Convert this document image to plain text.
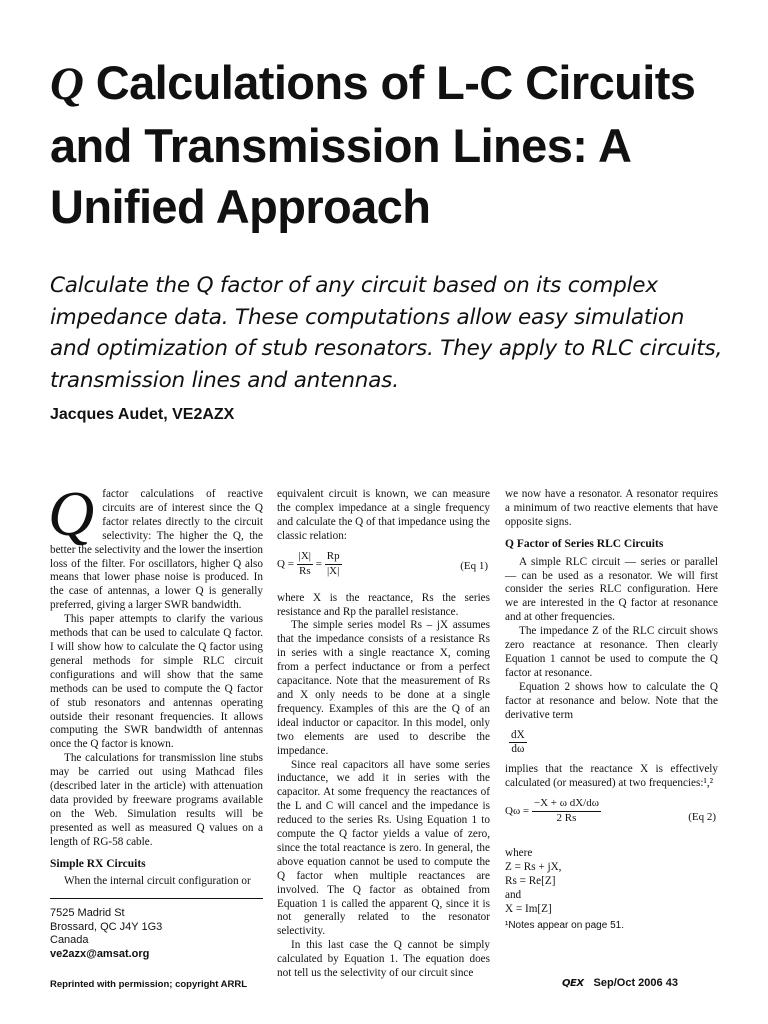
Q Calculations of L-C Circuits and Transmission Lines: A Unified Approach
Calculate the Q factor of any circuit based on its complex impedance data. These computations allow easy simulation and optimization of stub resonators. They apply to RLC circuits, transmission lines and antennas.
Jacques Audet, VE2AZX
Q factor calculations of reactive circuits are of interest since the Q factor relates directly to the circuit selectivity: The higher the Q, the better the selectivity and the lower the insertion loss of the filter. For oscillators, higher Q also means that lower phase noise is produced. In the case of antennas, a lower Q is generally preferred, giving a larger SWR bandwidth.

This paper attempts to clarify the various methods that can be used to calculate Q factor. I will show how to calculate the Q factor using general methods for simple RLC circuit configurations and will show that the same methods can be used to compute the Q factor of stub resonators and antennas operating outside their resonant frequencies. It allows computing the SWR bandwidth of antennas once the Q factor is known.

The calculations for transmission line stubs may be carried out using Mathcad files (described later in the article) with attenuation data provided by freeware programs available on the Web. Simulation results will be presented as well as measured Q values on a length of RG-58 cable.

Simple RX Circuits

When the internal circuit configuration or

equivalent circuit is known, we can measure the complex impedance at a single frequency and calculate the Q of that impedance using the classic relation:

$Q = \frac{|X|}{Rs} = \frac{Rp}{|X|}$	(Eq 1)

where X is the reactance, Rs the series resistance and Rp the parallel resistance.

The simple series model Rs – jX assumes that the impedance consists of a resistance Rs in series with a single reactance X, coming from a perfect inductance or from a perfect capacitance. Note that the measurement of Rs and X only needs to be done at a single frequency. Examples of this are the Q of an ideal inductor or capacitor. In this model, only two elements are used to describe the impedance.

Since real capacitors all have some series inductance, we add it in series with the capacitor. At some frequency the reactances of the L and C will cancel and the impedance is reduced to the series Rs. Using Equation 1 to compute the Q factor yields a value of zero, since the total reactance is zero. In general, the above equation cannot be used to compute the Q factor when multiple reactances are involved. The Q factor as obtained from Equation 1 is called the apparent Q, since it is not generally related to the resonator selectivity.

In this last case the Q cannot be simply calculated by Equation 1. The equation does not tell us the selectivity of our circuit since

we now have a resonator. A resonator requires a minimum of two reactive elements that have opposite signs.

Q Factor of Series RLC Circuits

A simple RLC circuit — series or parallel — can be used as a resonator. We will first consider the series RLC configuration. Here we are interested in the Q factor at resonance and at other frequencies.

The impedance Z of the RLC circuit shows zero reactance at resonance. Then clearly Equation 1 cannot be used to compute the Q factor at resonance.

Equation 2 shows how to calculate the Q factor at resonance and below. Note that the derivative term

$\frac{dX}{d\omega}$

implies that the reactance X is effectively calculated (or measured) at two frequencies:¹,²

$Q\omega = \frac{\text{−X + ω dX/dω}}{2 Rs}$	(Eq 2)

where

Z = Rs + jX,

Rs = Re[Z]

and

X = Im[Z]

¹Notes appear on page 51.

7525 Madrid St
Brossard, QC J4Y 1G3
Canada
ve2azx@amsat.org
Reprinted with permission; copyright ARRL	QEX Sep/Oct 2006 43
